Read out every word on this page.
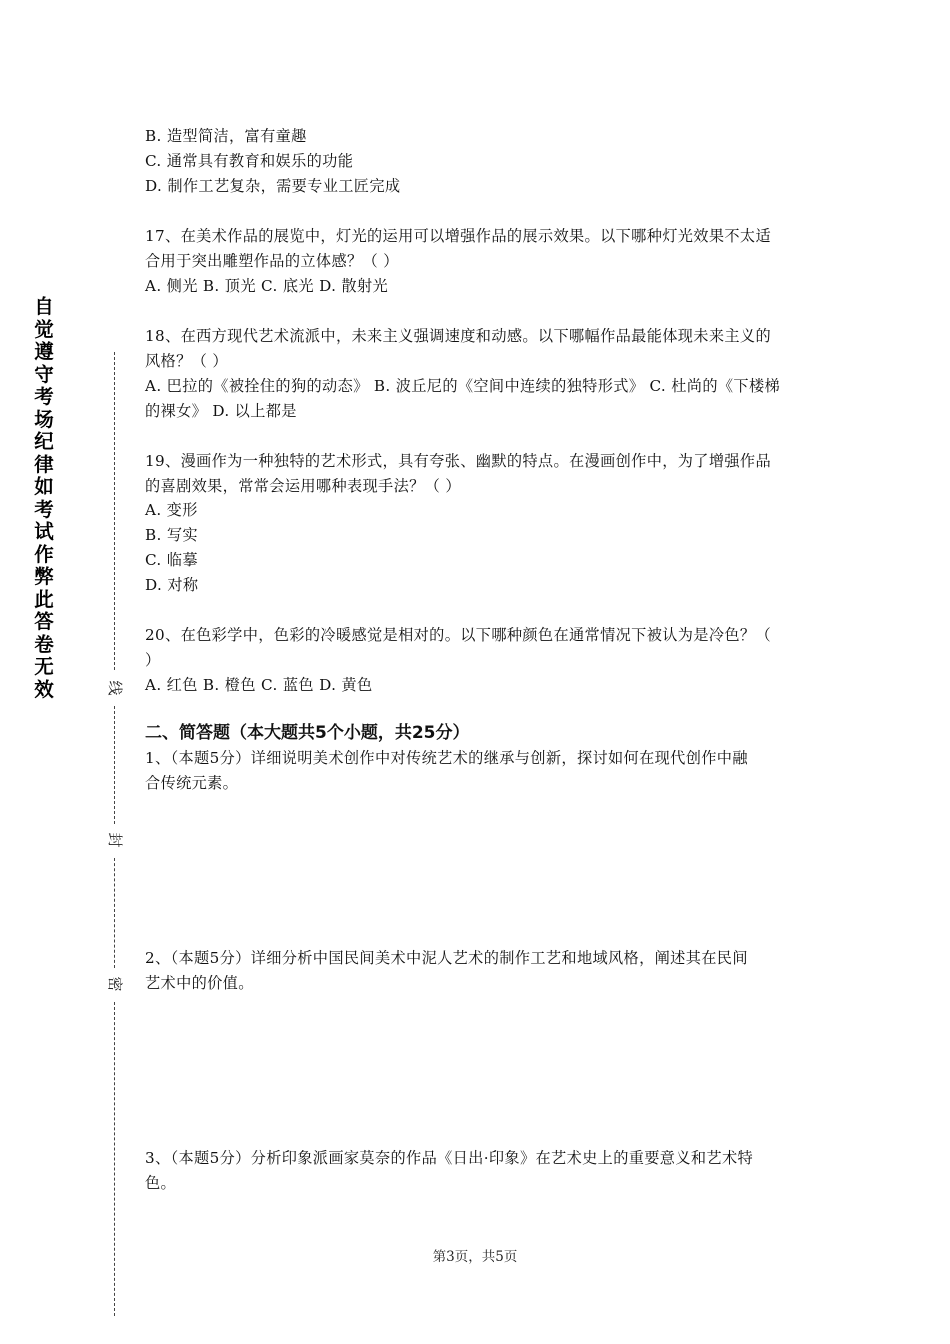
自觉遵守考场纪律如考试作弊此答卷无效	线
封
密
B. 造型简洁，富有童趣
C. 通常具有教育和娱乐的功能
D. 制作工艺复杂，需要专业工匠完成
17、在美术作品的展览中，灯光的运用可以增强作品的展示效果。以下哪种灯光效果不太适
合用于突出雕塑作品的立体感？（ ）
A. 侧光 B. 顶光 C. 底光 D. 散射光
18、在西方现代艺术流派中，未来主义强调速度和动感。以下哪幅作品最能体现未来主义的
风格？（ ）
A. 巴拉的《被拴住的狗的动态》 B. 波丘尼的《空间中连续的独特形式》 C. 杜尚的《下楼梯
的裸女》 D. 以上都是
19、漫画作为一种独特的艺术形式，具有夸张、幽默的特点。在漫画创作中，为了增强作品
的喜剧效果，常常会运用哪种表现手法？（ ）
A. 变形
B. 写实
C. 临摹
D. 对称
20、在色彩学中，色彩的冷暖感觉是相对的。以下哪种颜色在通常情况下被认为是冷色？（
）
A. 红色 B. 橙色 C. 蓝色 D. 黄色
二、简答题（本大题共5个小题，共25分）
1、（本题5分）详细说明美术创作中对传统艺术的继承与创新，探讨如何在现代创作中融
合传统元素。
2、（本题5分）详细分析中国民间美术中泥人艺术的制作工艺和地域风格，阐述其在民间
艺术中的价值。
3、（本题5分）分析印象派画家莫奈的作品《日出·印象》在艺术史上的重要意义和艺术特
色。
第3页，共5页
